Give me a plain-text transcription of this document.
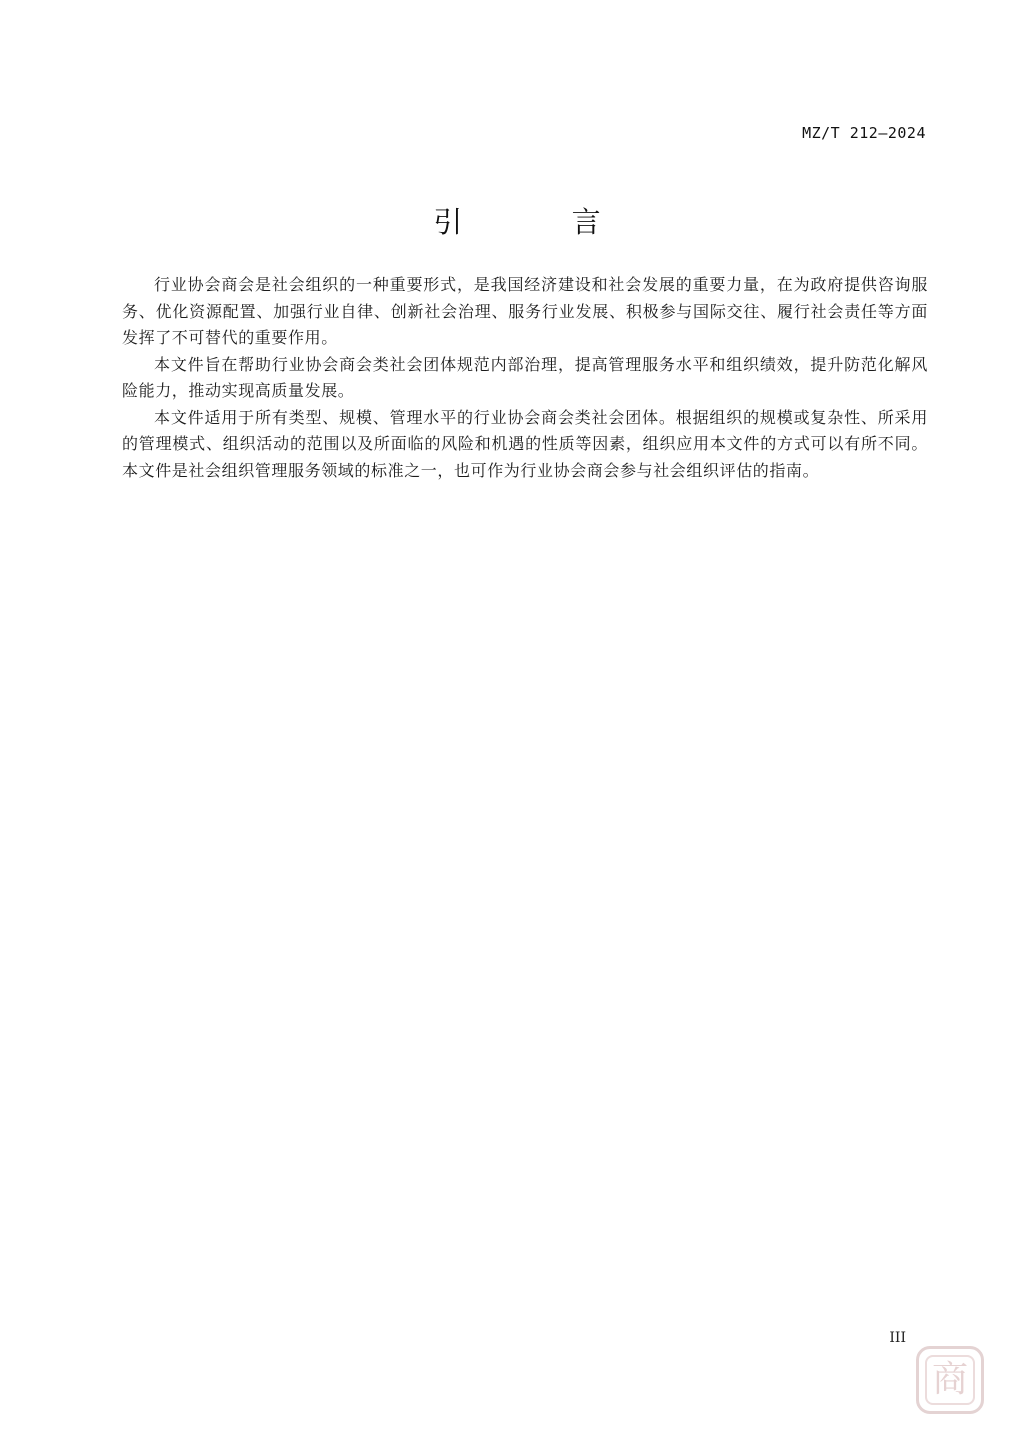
MZ/T 212—2024
引 言

行业协会商会是社会组织的一种重要形式，是我国经济建设和社会发展的重要力量，在为政府提供咨询服务、优化资源配置、加强行业自律、创新社会治理、服务行业发展、积极参与国际交往、履行社会责任等方面发挥了不可替代的重要作用。

本文件旨在帮助行业协会商会类社会团体规范内部治理，提高管理服务水平和组织绩效，提升防范化解风险能力，推动实现高质量发展。

本文件适用于所有类型、规模、管理水平的行业协会商会类社会团体。根据组织的规模或复杂性、所采用的管理模式、组织活动的范围以及所面临的风险和机遇的性质等因素，组织应用本文件的方式可以有所不同。本文件是社会组织管理服务领域的标准之一，也可作为行业协会商会参与社会组织评估的指南。

III
商
